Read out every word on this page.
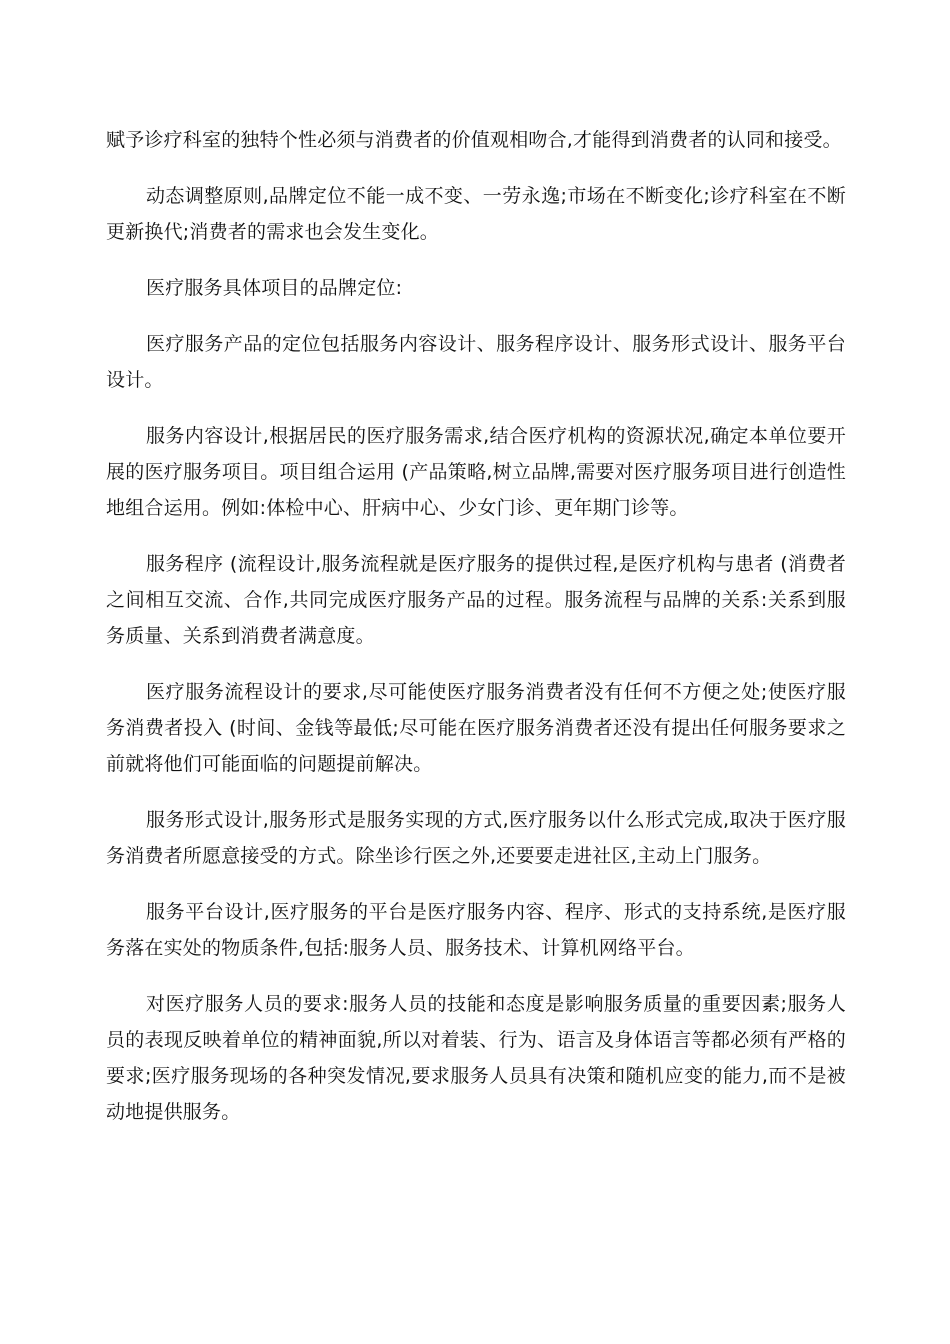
赋予诊疗科室的独特个性必须与消费者的价值观相吻合,才能得到消费者的认同和接受。

动态调整原则,品牌定位不能一成不变、一劳永逸;市场在不断变化;诊疗科室在不断更新换代;消费者的需求也会发生变化。

医疗服务具体项目的品牌定位:

医疗服务产品的定位包括服务内容设计、服务程序设计、服务形式设计、服务平台设计。

服务内容设计,根据居民的医疗服务需求,结合医疗机构的资源状况,确定本单位要开展的医疗服务项目。项目组合运用 (产品策略,树立品牌,需要对医疗服务项目进行创造性地组合运用。例如:体检中心、肝病中心、少女门诊、更年期门诊等。

服务程序 (流程设计,服务流程就是医疗服务的提供过程,是医疗机构与患者 (消费者之间相互交流、合作,共同完成医疗服务产品的过程。服务流程与品牌的关系:关系到服务质量、关系到消费者满意度。

医疗服务流程设计的要求,尽可能使医疗服务消费者没有任何不方便之处;使医疗服务消费者投入 (时间、金钱等最低;尽可能在医疗服务消费者还没有提出任何服务要求之前就将他们可能面临的问题提前解决。

服务形式设计,服务形式是服务实现的方式,医疗服务以什么形式完成,取决于医疗服务消费者所愿意接受的方式。除坐诊行医之外,还要要走进社区,主动上门服务。

服务平台设计,医疗服务的平台是医疗服务内容、程序、形式的支持系统,是医疗服务落在实处的物质条件,包括:服务人员、服务技术、计算机网络平台。

对医疗服务人员的要求:服务人员的技能和态度是影响服务质量的重要因素;服务人员的表现反映着单位的精神面貌,所以对着装、行为、语言及身体语言等都必须有严格的要求;医疗服务现场的各种突发情况,要求服务人员具有决策和随机应变的能力,而不是被动地提供服务。
